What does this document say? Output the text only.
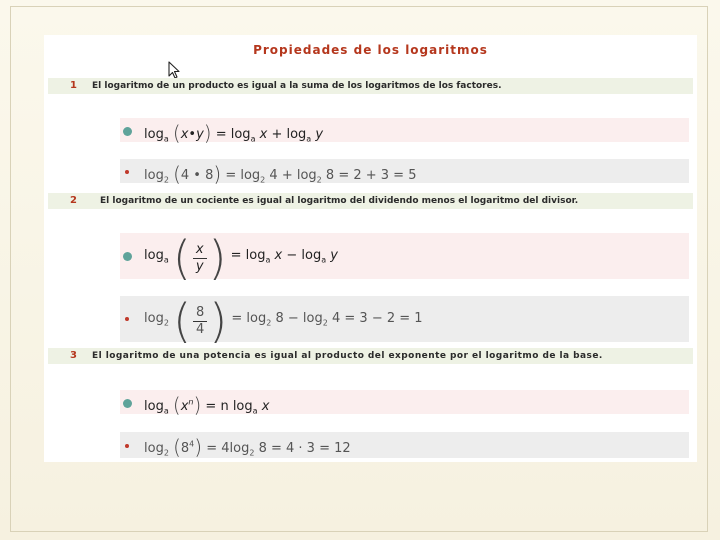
Propiedades de los logaritmos
1 El logaritmo de un producto es igual a la suma de los logaritmos de los factores.
$\log_a$ (x•y) = $\log_a x + \log_a y$
$\log_2 (4$ • $8) = \log_2 4 + \log_2 8 = 2 + 3 = 5$
2	El logaritmo de un cociente es igual al logaritmo del dividendo menos el logaritmo del divisor.
$\log_a$ ( $\frac{x}{y}$ ) = $\log_a x - \log_a y$
$\log_2$ ( $\frac{8}{4}$ ) = $\log_2 8 - \log_2 4 = 3 - 2 = 1$
3 El logaritmo de una potencia es igual al producto del exponente por el logaritmo de la base.
$\log_a (x^n) = n$ $\log_a x$
$\log_2 (8^4) = 4\log_2$ 8 = 4 · 3 = 12
